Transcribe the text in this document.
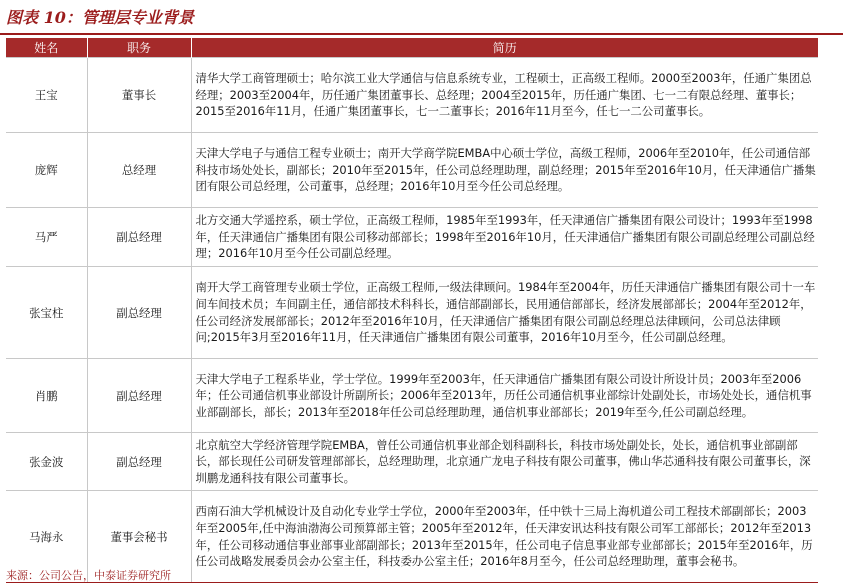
图表 10：管理层专业背景
姓名	职务	简历
王宝	董事长	清华大学工商管理硕士；哈尔滨工业大学通信与信息系统专业，工程硕士，正高级工程师。2000至2003年，任通广集团总经理；2003至2004年，历任通广集团董事长、总经理；2004至2015年，历任通广集团、七一二有限总经理、董事长；2015至2016年11月，任通广集团董事长，七一二董事长；2016年11月至今，任七一二公司董事长。
庞辉	总经理	天津大学电子与通信工程专业硕士；南开大学商学院EMBA中心硕士学位，高级工程师，2006年至2010年，任公司通信部科技市场处处长，副部长；2010年至2015年，任公司总经理助理，副总经理；2015年至2016年10月，任天津通信广播集团有限公司总经理，公司董事，总经理；2016年10月至今任公司总经理。
马严	副总经理	北方交通大学遥控系，硕士学位，正高级工程师，1985年至1993年，任天津通信广播集团有限公司设计；1993年至1998年，任天津通信广播集团有限公司移动部部长；1998年至2016年10月，任天津通信广播集团有限公司副总经理公司副总经理；2016年10月至今任公司副总经理。
张宝柱	副总经理	南开大学工商管理专业硕士学位，正高级工程师,一级法律顾问。1984年至2004年，历任天津通信广播集团有限公司十一车间车间技术员；车间副主任，通信部技术科科长，通信部副部长，民用通信部部长，经济发展部部长；2004年至2012年，任公司经济发展部部长；2012年至2016年10月，任天津通信广播集团有限公司副总经理总法律顾问，公司总法律顾问;2015年3月至2016年11月，任天津通信广播集团有限公司董事，2016年10月至今，任公司副总经理。
肖鹏	副总经理	天津大学电子工程系毕业，学士学位。1999年至2003年，任天津通信广播集团有限公司设计所设计员；2003年至2006年；任公司通信机事业部设计所副所长；2006年至2013年，历任公司通信机事业部综计处副处长，市场处处长，通信机事业部副部长，部长；2013年至2018年任公司总经理助理，通信机事业部部长；2019年至今,任公司副总经理。
张金波	副总经理	北京航空大学经济管理学院EMBA，曾任公司通信机事业部企划科副科长，科技市场处副处长，处长，通信机事业部副部长，部长现任公司研发管理部部长，总经理助理，北京通广龙电子科技有限公司董事，佛山华芯通科技有限公司董事长，深圳鹏龙通科技有限公司董事长。
马海永	董事会秘书	西南石油大学机械设计及自动化专业学士学位，2000年至2003年，任中铁十三局上海机道公司工程技术部副部长；2003年至2005年,任中海油渤海公司预算部主管；2005年至2012年，任天津安讯达科技有限公司军工部部长；2012年至2013年，任公司移动通信事业部事业部副部长；2013年至2015年，任公司电子信息事业部专业部部长；2015年至2016年，历任公司战略发展委员会办公室主任，科技委办公室主任；2016年8月至今，任公司总经理助理，董事会秘书。
来源：公司公告，中泰证券研究所
